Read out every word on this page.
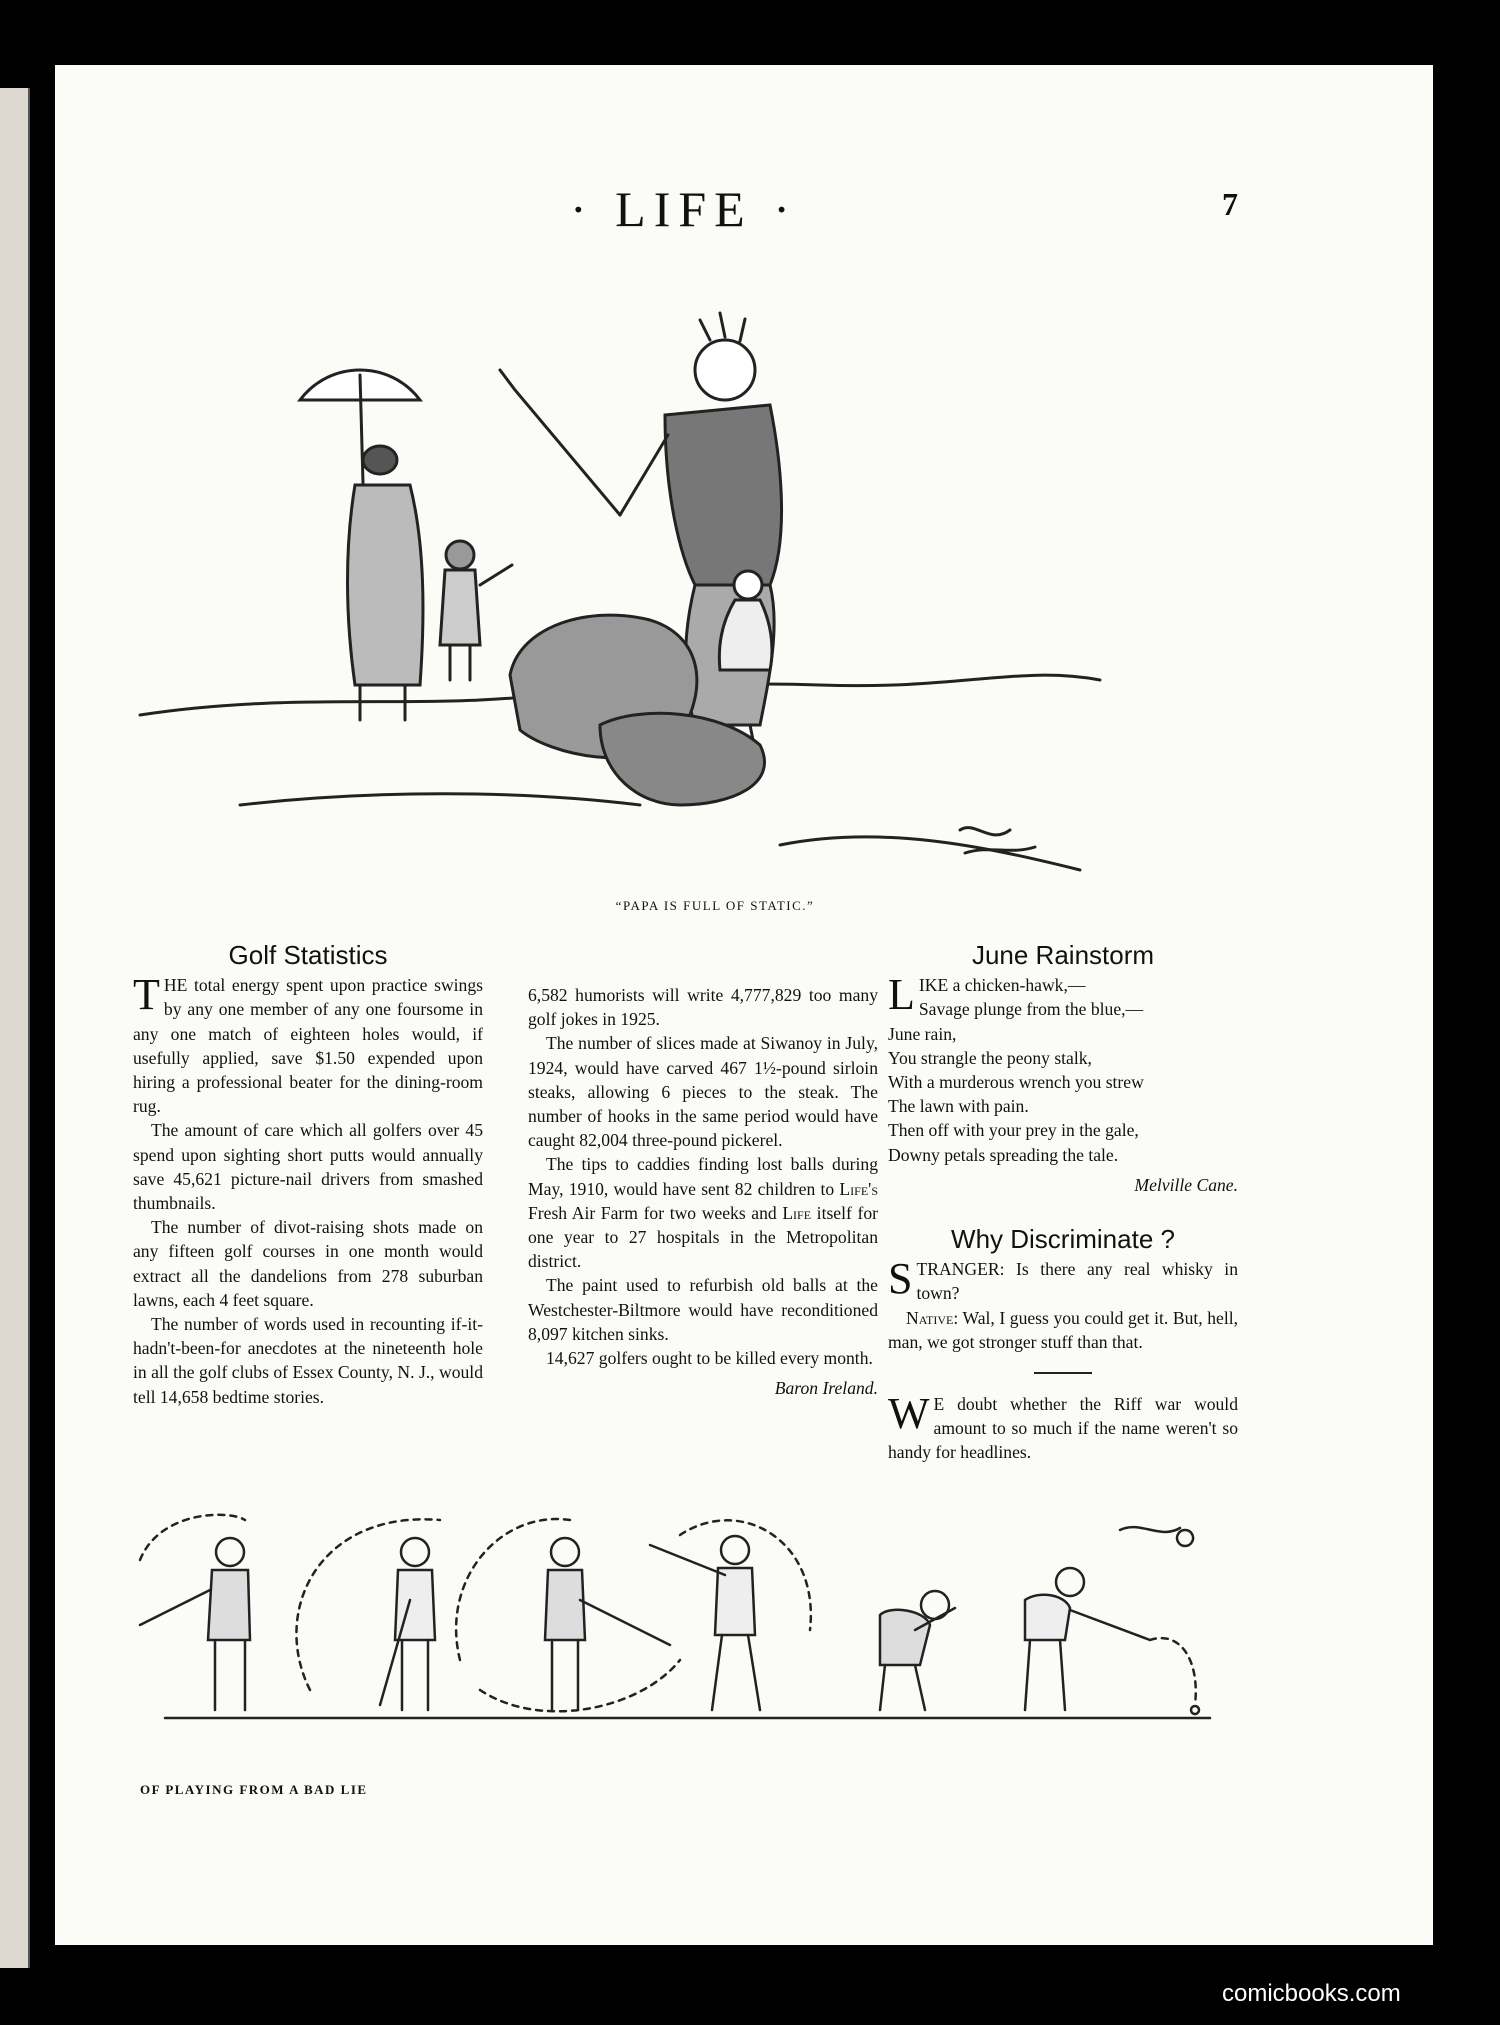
· LIFE ·	7
“PAPA IS FULL OF STATIC.”
Golf Statistics

THE total energy spent upon practice swings by any one member of any one foursome in any one match of eighteen holes would, if usefully applied, save $1.50 expended upon hiring a professional beater for the dining-room rug.

The amount of care which all golfers over 45 spend upon sighting short putts would annually save 45,621 picture-nail drivers from smashed thumbnails.

The number of divot-raising shots made on any fifteen golf courses in one month would extract all the dandelions from 278 suburban lawns, each 4 feet square.

The number of words used in recounting if-it-hadn't-been-for anecdotes at the nineteenth hole in all the golf clubs of Essex County, N. J., would tell 14,658 bedtime stories.

6,582 humorists will write 4,777,829 too many golf jokes in 1925.

The number of slices made at Siwanoy in July, 1924, would have carved 467 1½-pound sirloin steaks, allowing 6 pieces to the steak. The number of hooks in the same period would have caught 82,004 three-pound pickerel.

The tips to caddies finding lost balls during May, 1910, would have sent 82 children to Life's Fresh Air Farm for two weeks and Life itself for one year to 27 hospitals in the Metropolitan district.

The paint used to refurbish old balls at the Westchester-Biltmore would have reconditioned 8,097 kitchen sinks.

14,627 golfers ought to be killed every month.

Baron Ireland.
June Rainstorm
LIKE a chicken-hawk,—
Savage plunge from the blue,—
June rain,
You strangle the peony stalk,
With a murderous wrench you strew
The lawn with pain.
Then off with your prey in the gale,
Downy petals spreading the tale.
Melville Cane.
Why Discriminate ?

STRANGER: Is there any real whisky in town?

Native: Wal, I guess you could get it. But, hell, man, we got stronger stuff than that.

W E doubt whether the Riff war would amount to so much if the name weren't so handy for headlines.

OF PLAYING FROM A BAD LIE
comicbooks.com
